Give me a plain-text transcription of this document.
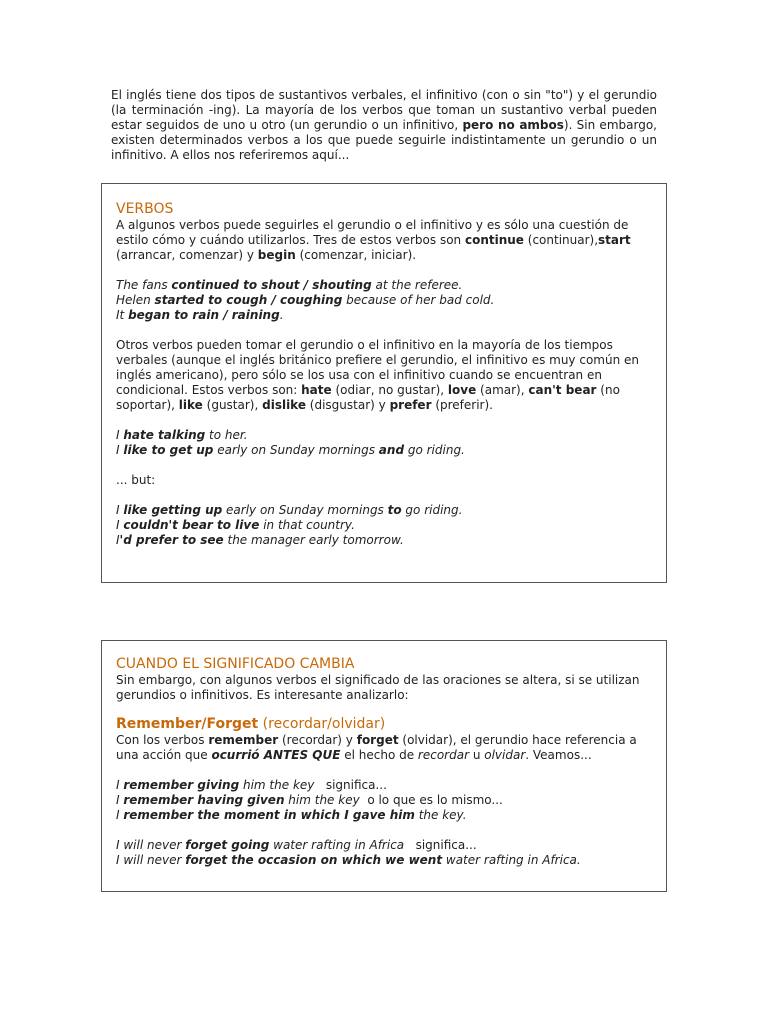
El inglés tiene dos tipos de sustantivos verbales, el infinitivo (con o sin "to") y el gerundio (la terminación -ing). La mayoría de los verbos que toman un sustantivo verbal pueden estar seguidos de uno u otro (un gerundio o un infinitivo, pero no ambos). Sin embargo, existen determinados verbos a los que puede seguirle indistintamente un gerundio o un infinitivo. A ellos nos referiremos aquí...

VERBOS

A algunos verbos puede seguirles el gerundio o el infinitivo y es sólo una cuestión de estilo cómo y cuándo utilizarlos. Tres de estos verbos son continue (continuar),start (arrancar, comenzar) y begin (comenzar, iniciar).

The fans continued to shout / shouting at the referee.

Helen started to cough / coughing because of her bad cold.

It began to rain / raining.

Otros verbos pueden tomar el gerundio o el infinitivo en la mayoría de los tiempos verbales (aunque el inglés británico prefiere el gerundio, el infinitivo es muy común en inglés americano), pero sólo se los usa con el infinitivo cuando se encuentran en condicional. Estos verbos son: hate (odiar, no gustar), love (amar), can't bear (no soportar), like (gustar), dislike (disgustar) y prefer (preferir).

I hate talking to her.

I like to get up early on Sunday mornings and go riding.

... but:

I like getting up early on Sunday mornings to go riding.

I couldn't bear to live in that country.

I'd prefer to see the manager early tomorrow.

CUANDO EL SIGNIFICADO CAMBIA

Sin embargo, con algunos verbos el significado de las oraciones se altera, si se utilizan gerundios o infinitivos. Es interesante analizarlo:

Remember/Forget (recordar/olvidar)

Con los verbos remember (recordar) y forget (olvidar), el gerundio hace referencia a una acción que ocurrió ANTES QUE el hecho de recordar u olvidar. Veamos...

I remember giving him the key   significa...

I remember having given him the key  o lo que es lo mismo...

I remember the moment in which I gave him the key.

I will never forget going water rafting in Africa   significa...

I will never forget the occasion on which we went water rafting in Africa.
